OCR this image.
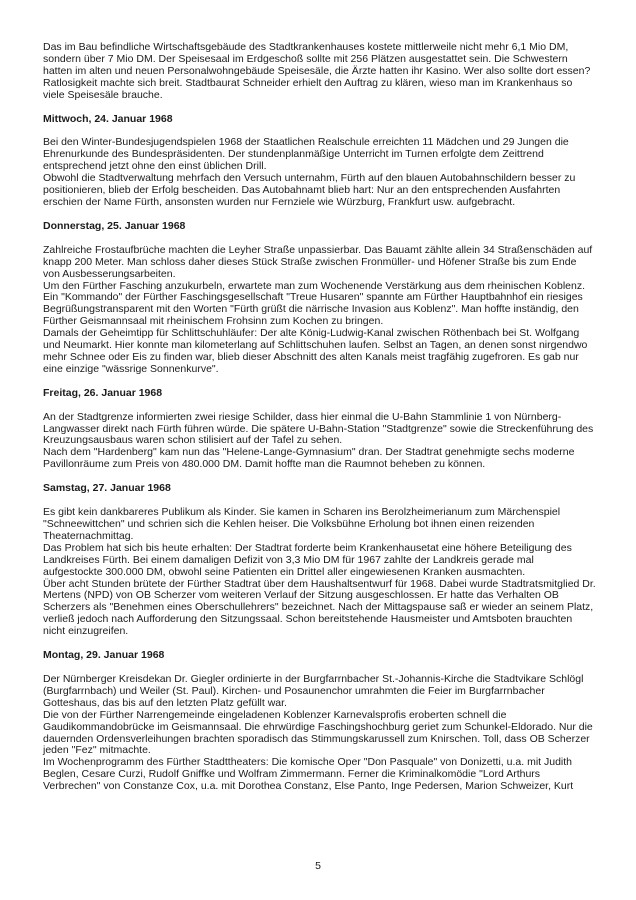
Das im Bau befindliche Wirtschaftsgebäude des Stadtkrankenhauses kostete mittlerweile nicht mehr 6,1 Mio DM, sondern über 7 Mio DM. Der Speisesaal im Erdgeschoß sollte mit 256 Plätzen ausgestattet sein. Die Schwestern hatten im alten und neuen Personalwohngebäude Speisesäle, die Ärzte hatten ihr Kasino. Wer also sollte dort essen? Ratlosigkeit machte sich breit. Stadtbaurat Schneider erhielt den Auftrag zu klären, wieso man im Krankenhaus so viele Speisesäle brauche.
Mittwoch, 24. Januar 1968
Bei den Winter-Bundesjugendspielen 1968 der Staatlichen Realschule erreichten 11 Mädchen und 29 Jungen die Ehrenurkunde des Bundespräsidenten. Der stundenplanmäßige Unterricht im Turnen erfolgte dem Zeittrend entsprechend jetzt ohne den einst üblichen Drill.
Obwohl die Stadtverwaltung mehrfach den Versuch unternahm, Fürth auf den blauen Autobahnschildern besser zu positionieren, blieb der Erfolg bescheiden. Das Autobahnamt blieb hart: Nur an den entsprechenden Ausfahrten erschien der Name Fürth, ansonsten wurden nur Fernziele wie Würzburg, Frankfurt usw. aufgebracht.
Donnerstag, 25. Januar 1968
Zahlreiche Frostaufbrüche machten die Leyher Straße unpassierbar. Das Bauamt zählte allein 34 Straßenschäden auf knapp 200 Meter. Man schloss daher dieses Stück Straße zwischen Fronmüller- und Höfener Straße bis zum Ende von Ausbesserungsarbeiten.
Um den Fürther Fasching anzukurbeln, erwartete man zum Wochenende Verstärkung aus dem rheinischen Koblenz. Ein "Kommando" der Fürther Faschingsgesellschaft "Treue Husaren" spannte am Fürther Hauptbahnhof ein riesiges Begrüßungstransparent mit den Worten "Fürth grüßt die närrische Invasion aus Koblenz". Man hoffte inständig, den Fürther Geismannsaal mit rheinischem Frohsinn zum Kochen zu bringen.
Damals der Geheimtipp für Schlittschuhläufer: Der alte König-Ludwig-Kanal zwischen Röthenbach bei St. Wolfgang und Neumarkt. Hier konnte man kilometerlang auf Schlittschuhen laufen. Selbst an Tagen, an denen sonst nirgendwo mehr Schnee oder Eis zu finden war, blieb dieser Abschnitt des alten Kanals meist tragfähig zugefroren. Es gab nur eine einzige "wässrige Sonnenkurve".
Freitag, 26. Januar 1968
An der Stadtgrenze informierten zwei riesige Schilder, dass hier einmal die U-Bahn Stammlinie 1 von Nürnberg-Langwasser direkt nach Fürth führen würde. Die spätere U-Bahn-Station "Stadtgrenze" sowie die Streckenführung des Kreuzungsausbaus waren schon stilisiert auf der Tafel zu sehen.
Nach dem "Hardenberg" kam nun das "Helene-Lange-Gymnasium" dran. Der Stadtrat genehmigte sechs moderne Pavillonräume zum Preis von 480.000 DM. Damit hoffte man die Raumnot beheben zu können.
Samstag, 27. Januar 1968
Es gibt kein dankbareres Publikum als Kinder. Sie kamen in Scharen ins Berolzheimerianum zum Märchenspiel "Schneewittchen" und schrien sich die Kehlen heiser. Die Volksbühne Erholung bot ihnen einen reizenden Theaternachmittag.
Das Problem hat sich bis heute erhalten: Der Stadtrat forderte beim Krankenhausetat eine höhere Beteiligung des Landkreises Fürth. Bei einem damaligen Defizit von 3,3 Mio DM für 1967 zahlte der Landkreis gerade mal aufgestockte 300.000 DM, obwohl seine Patienten ein Drittel aller eingewiesenen Kranken ausmachten.
Über acht Stunden brütete der Fürther Stadtrat über dem Haushaltsentwurf für 1968. Dabei wurde Stadtratsmitglied Dr. Mertens (NPD) von OB Scherzer vom weiteren Verlauf der Sitzung ausgeschlossen. Er hatte das Verhalten OB Scherzers als "Benehmen eines Oberschullehrers" bezeichnet. Nach der Mittagspause saß er wieder an seinem Platz, verließ jedoch nach Aufforderung den Sitzungssaal. Schon bereitstehende Hausmeister und Amtsboten brauchten nicht einzugreifen.
Montag, 29. Januar 1968
Der Nürnberger Kreisdekan Dr. Giegler ordinierte in der Burgfarrnbacher St.-Johannis-Kirche die Stadtvikare Schlögl (Burgfarrnbach) und Weiler (St. Paul). Kirchen- und Posaunenchor umrahmten die Feier im Burgfarrnbacher Gotteshaus, das bis auf den letzten Platz gefüllt war.
Die von der Fürther Narrengemeinde eingeladenen Koblenzer Karnevalsprofis eroberten schnell die Gaudikommandobrücke im Geismannsaal. Die ehrwürdige Faschingshochburg geriet zum Schunkel-Eldorado. Nur die dauernden Ordensverleihungen brachten sporadisch das Stimmungskarussell zum Knirschen. Toll, dass OB Scherzer jeden "Fez" mitmachte.
Im Wochenprogramm des Fürther Stadttheaters: Die komische Oper "Don Pasquale" von Donizetti, u.a. mit Judith Beglen, Cesare Curzi, Rudolf Gniffke und Wolfram Zimmermann. Ferner die Kriminalkomödie "Lord Arthurs Verbrechen" von Constanze Cox, u.a. mit Dorothea Constanz, Else Panto, Inge Pedersen, Marion Schweizer, Kurt
5
